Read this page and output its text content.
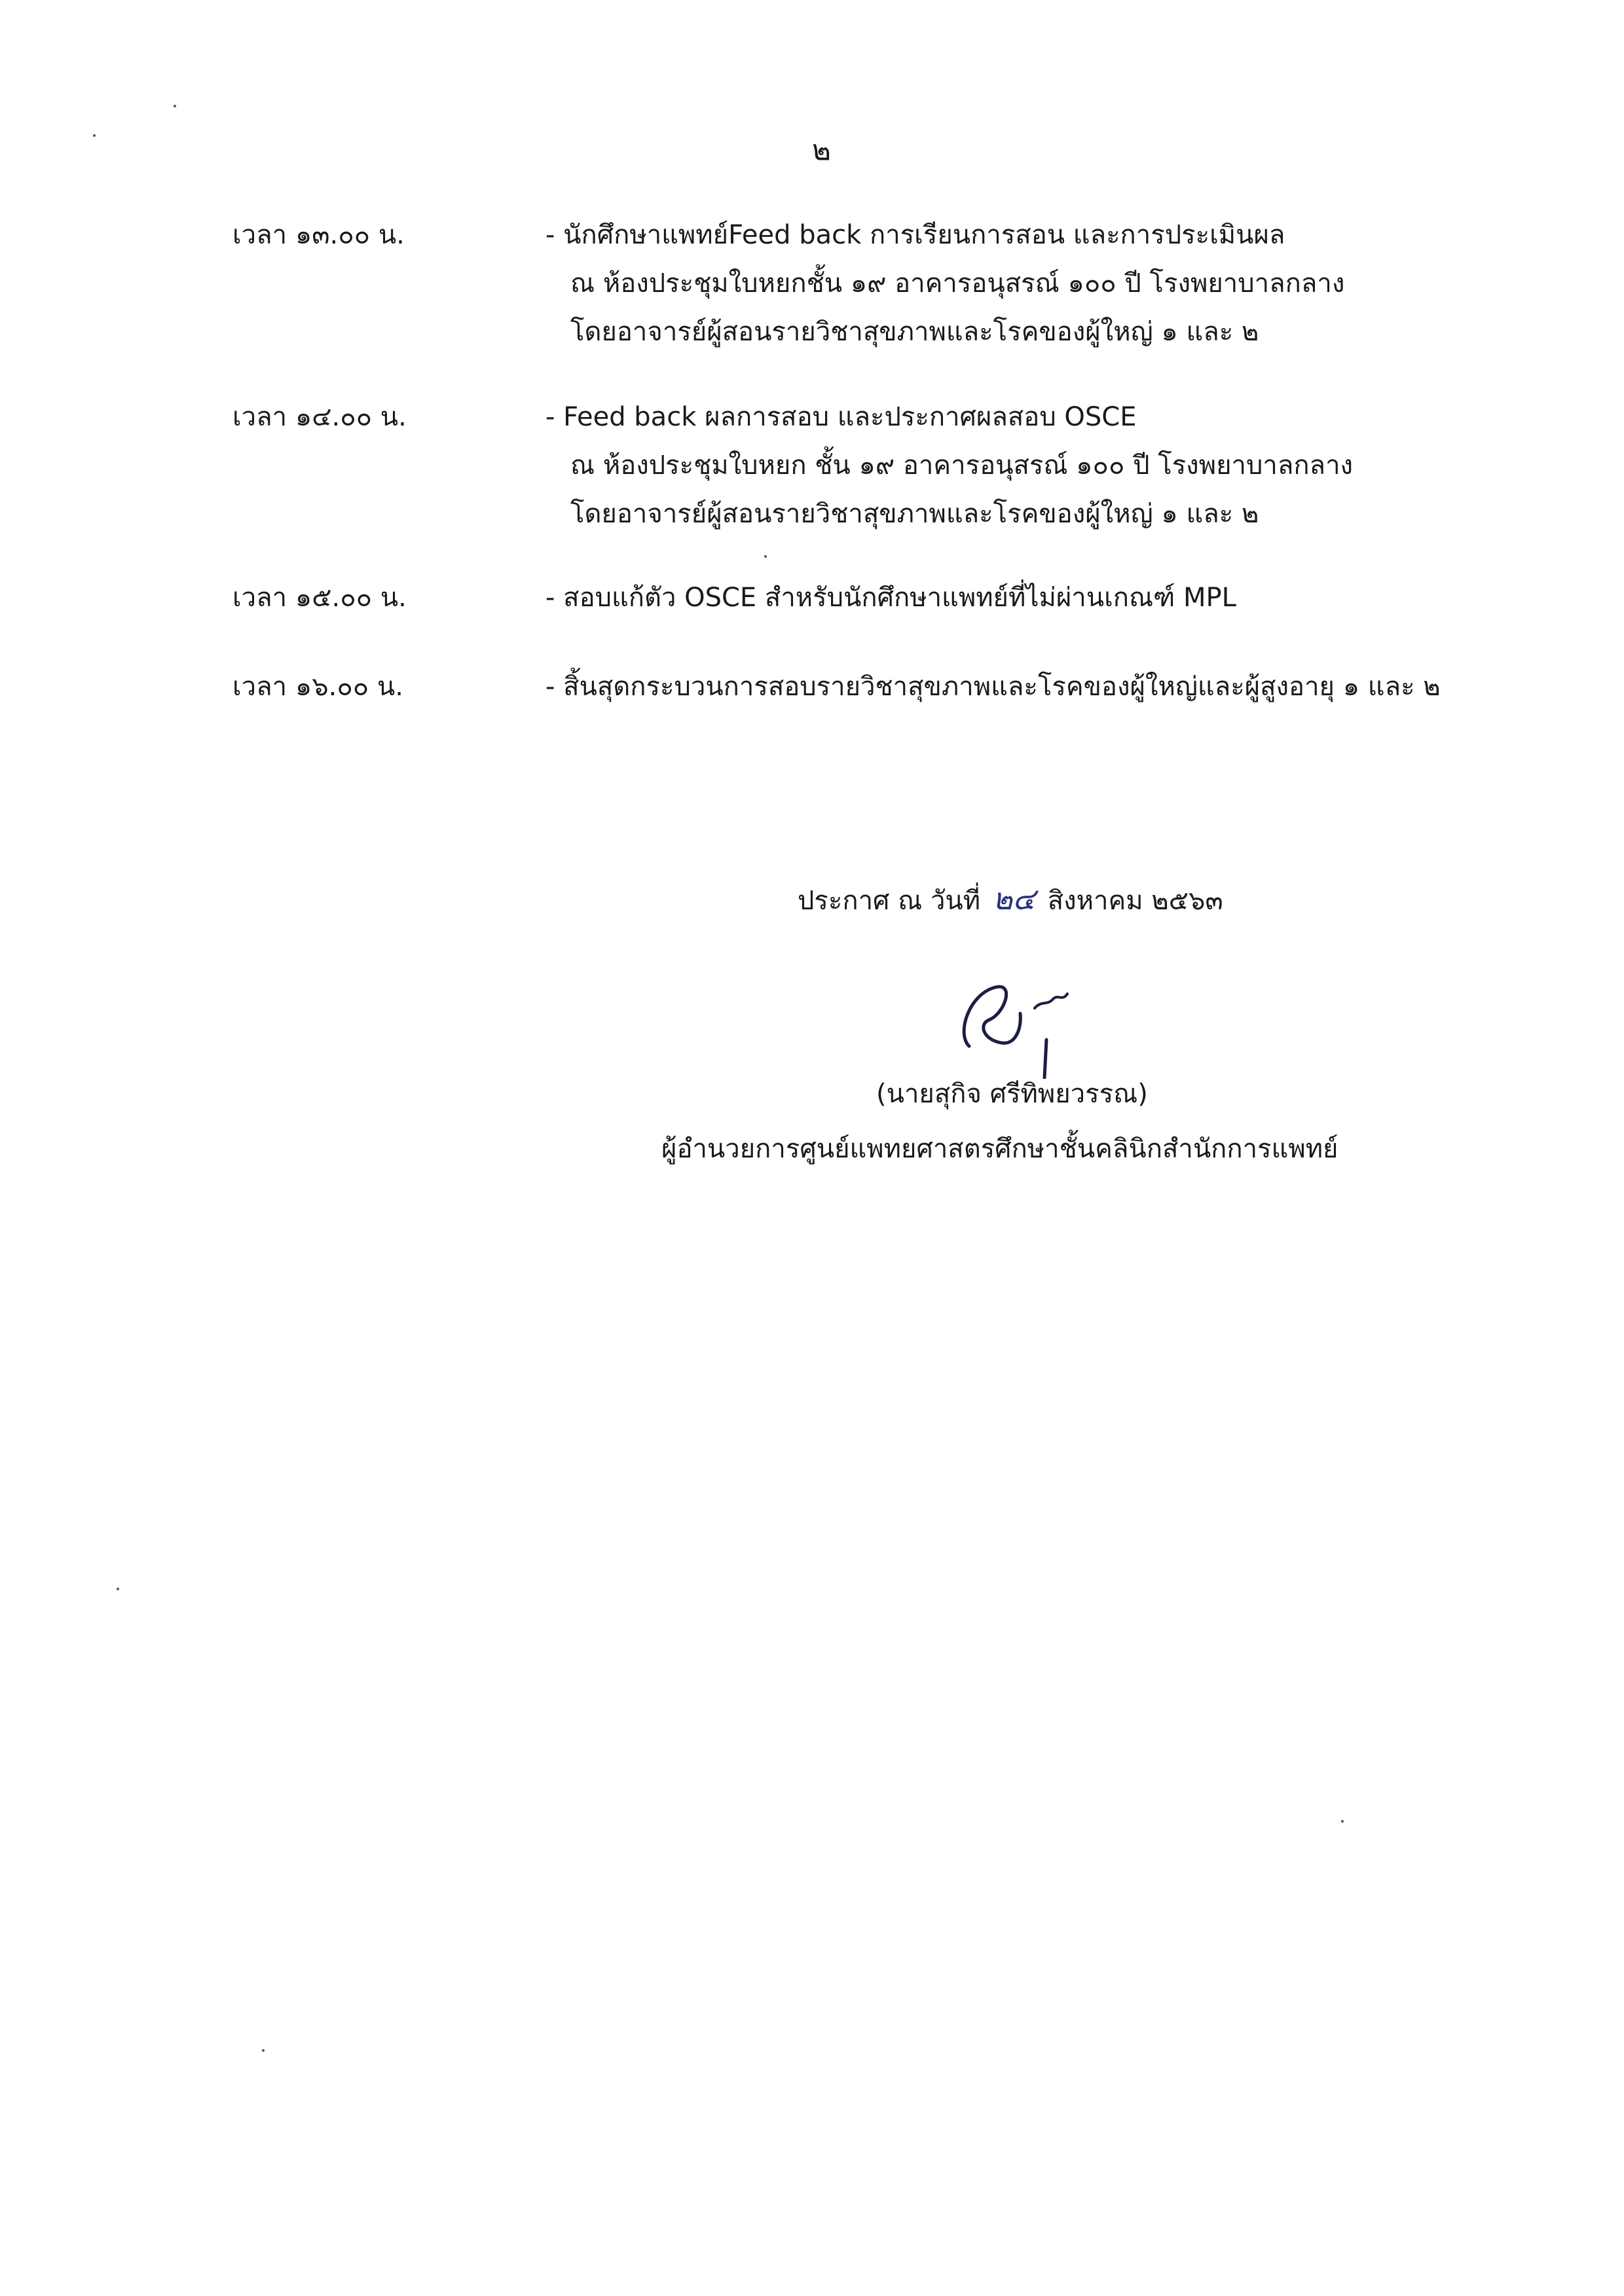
๒
เวลา ๑๓.๐๐ น.	- นักศึกษาแพทย์Feed back การเรียนการสอน และการประเมินผล
ณ ห้องประชุมใบหยกชั้น ๑๙ อาคารอนุสรณ์ ๑๐๐ ปี โรงพยาบาลกลาง
โดยอาจารย์ผู้สอนรายวิชาสุขภาพและโรคของผู้ใหญ่ ๑ และ ๒
เวลา ๑๔.๐๐ น.	- Feed back ผลการสอบ และประกาศผลสอบ OSCE
ณ ห้องประชุมใบหยก ชั้น ๑๙ อาคารอนุสรณ์ ๑๐๐ ปี โรงพยาบาลกลาง
โดยอาจารย์ผู้สอนรายวิชาสุขภาพและโรคของผู้ใหญ่ ๑ และ ๒
เวลา ๑๕.๐๐ น.	- สอบแก้ตัว OSCE สำหรับนักศึกษาแพทย์ที่ไม่ผ่านเกณฑ์ MPL
เวลา ๑๖.๐๐ น.	- สิ้นสุดกระบวนการสอบรายวิชาสุขภาพและโรคของผู้ใหญ่และผู้สูงอายุ ๑ และ ๒
ประกาศ ณ วันที่ ๒๔ สิงหาคม ๒๕๖๓
(นายสุกิจ ศรีทิพยวรรณ)
ผู้อำนวยการศูนย์แพทยศาสตรศึกษาชั้นคลินิกสำนักการแพทย์
